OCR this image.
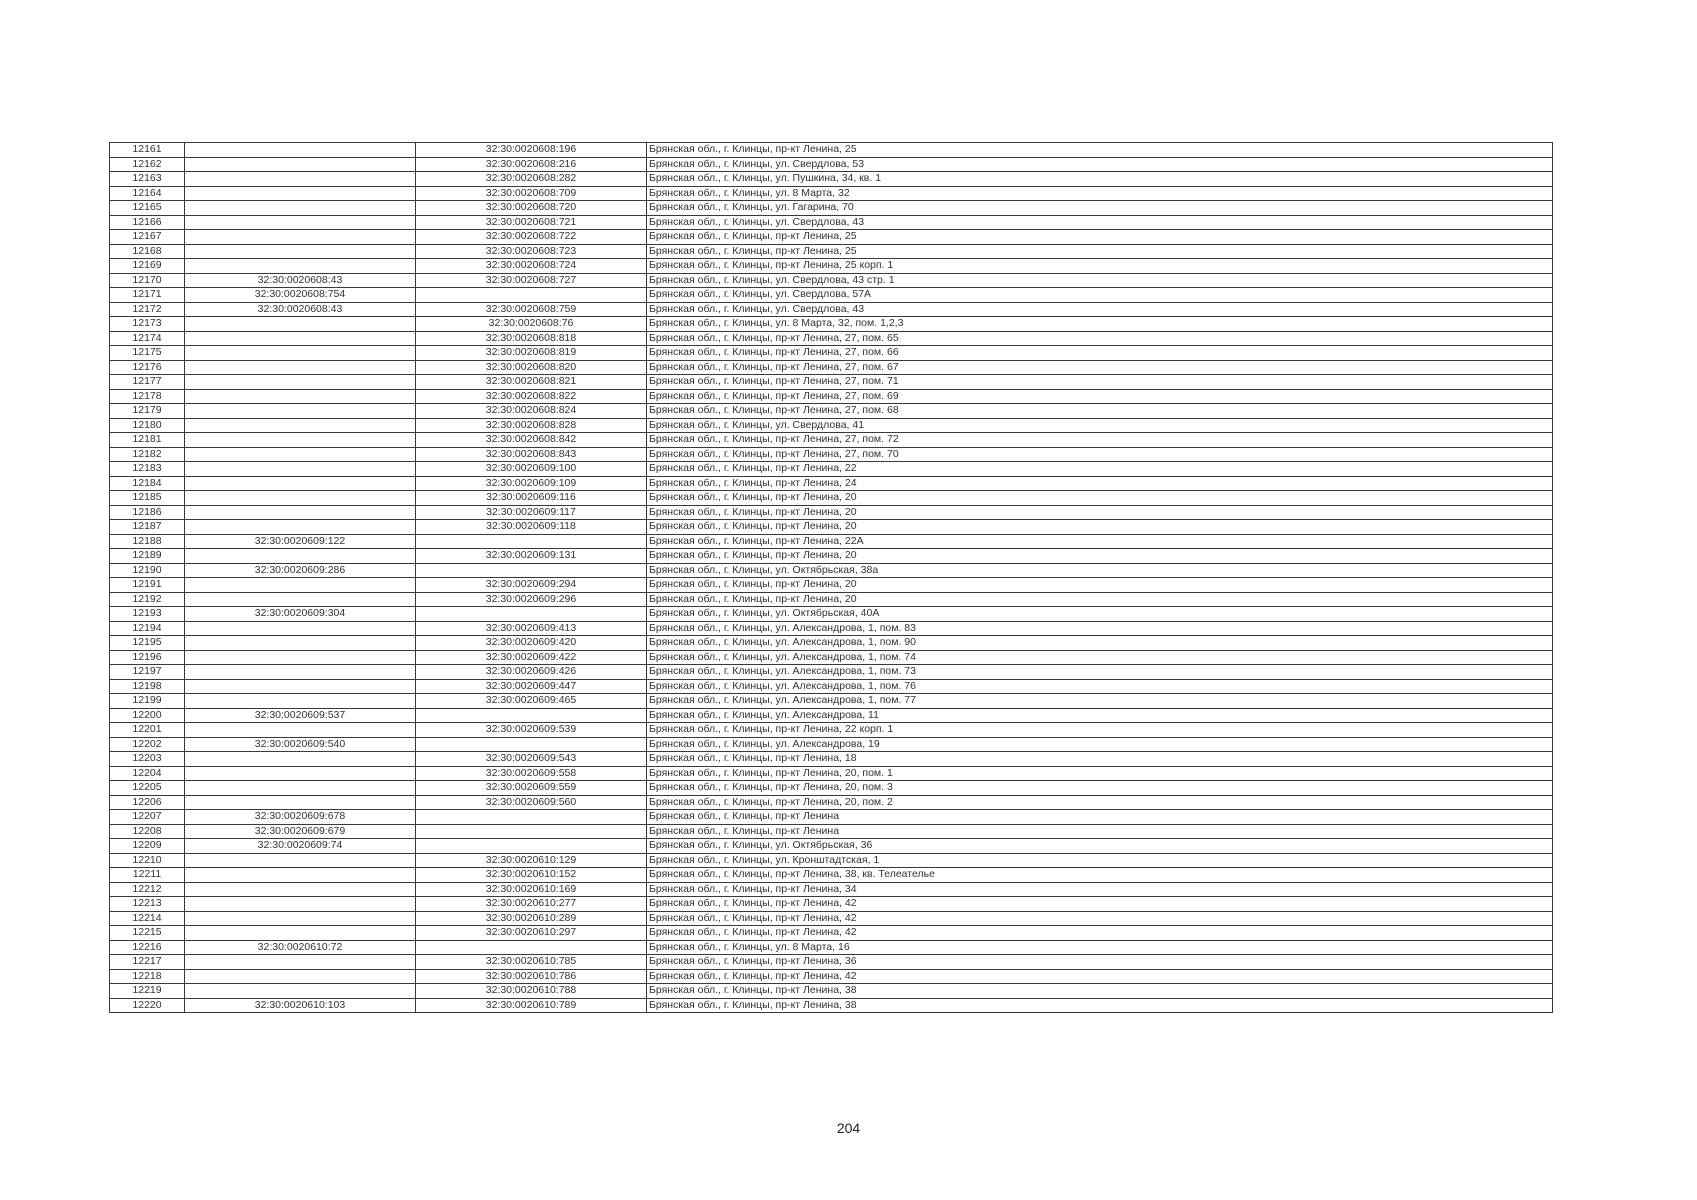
12161		32:30:0020608:196	Брянская обл., г. Клинцы, пр-кт Ленина, 25
12162		32:30:0020608:216	Брянская обл., г. Клинцы, ул. Свердлова, 53
12163		32:30:0020608:282	Брянская обл., г. Клинцы, ул. Пушкина, 34, кв. 1
12164		32:30:0020608:709	Брянская обл., г. Клинцы, ул. 8 Марта, 32
12165		32:30:0020608:720	Брянская обл., г. Клинцы, ул. Гагарина, 70
12166		32:30:0020608:721	Брянская обл., г. Клинцы, ул. Свердлова, 43
12167		32:30:0020608:722	Брянская обл., г. Клинцы, пр-кт Ленина, 25
12168		32:30:0020608:723	Брянская обл., г. Клинцы, пр-кт Ленина, 25
12169		32:30:0020608:724	Брянская обл., г. Клинцы, пр-кт Ленина, 25 корп. 1
12170	32:30:0020608:43	32:30:0020608:727	Брянская обл., г. Клинцы, ул. Свердлова, 43 стр. 1
12171	32:30:0020608:754		Брянская обл., г. Клинцы, ул. Свердлова, 57А
12172	32:30:0020608:43	32:30:0020608:759	Брянская обл., г. Клинцы, ул. Свердлова, 43
12173		32:30:0020608:76	Брянская обл., г. Клинцы, ул. 8 Марта, 32, пом. 1,2,3
12174		32:30:0020608:818	Брянская обл., г. Клинцы, пр-кт Ленина, 27, пом. 65
12175		32:30:0020608:819	Брянская обл., г. Клинцы, пр-кт Ленина, 27, пом. 66
12176		32:30:0020608:820	Брянская обл., г. Клинцы, пр-кт Ленина, 27, пом. 67
12177		32:30:0020608:821	Брянская обл., г. Клинцы, пр-кт Ленина, 27, пом. 71
12178		32:30:0020608:822	Брянская обл., г. Клинцы, пр-кт Ленина, 27, пом. 69
12179		32:30:0020608:824	Брянская обл., г. Клинцы, пр-кт Ленина, 27, пом. 68
12180		32:30:0020608:828	Брянская обл., г. Клинцы, ул. Свердлова, 41
12181		32:30:0020608:842	Брянская обл., г. Клинцы, пр-кт Ленина, 27, пом. 72
12182		32:30:0020608:843	Брянская обл., г. Клинцы, пр-кт Ленина, 27, пом. 70
12183		32:30:0020609:100	Брянская обл., г. Клинцы, пр-кт Ленина, 22
12184		32:30:0020609:109	Брянская обл., г. Клинцы, пр-кт Ленина, 24
12185		32:30:0020609:116	Брянская обл., г. Клинцы, пр-кт Ленина, 20
12186		32:30:0020609:117	Брянская обл., г. Клинцы, пр-кт Ленина, 20
12187		32:30:0020609:118	Брянская обл., г. Клинцы, пр-кт Ленина, 20
12188	32:30:0020609:122		Брянская обл., г. Клинцы, пр-кт Ленина, 22А
12189		32:30:0020609:131	Брянская обл., г. Клинцы, пр-кт Ленина, 20
12190	32:30:0020609:286		Брянская обл., г. Клинцы, ул. Октябрьская, 38а
12191		32:30:0020609:294	Брянская обл., г. Клинцы, пр-кт Ленина, 20
12192		32:30:0020609:296	Брянская обл., г. Клинцы, пр-кт Ленина, 20
12193	32:30:0020609:304		Брянская обл., г. Клинцы, ул. Октябрьская, 40А
12194		32:30:0020609:413	Брянская обл., г. Клинцы, ул. Александрова, 1, пом. 83
12195		32:30:0020609:420	Брянская обл., г. Клинцы, ул. Александрова, 1, пом. 90
12196		32:30:0020609:422	Брянская обл., г. Клинцы, ул. Александрова, 1, пом. 74
12197		32:30:0020609:426	Брянская обл., г. Клинцы, ул. Александрова, 1, пом. 73
12198		32:30:0020609:447	Брянская обл., г. Клинцы, ул. Александрова, 1, пом. 76
12199		32:30:0020609:465	Брянская обл., г. Клинцы, ул. Александрова, 1, пом. 77
12200	32:30:0020609:537		Брянская обл., г. Клинцы, ул. Александрова, 11
12201		32:30:0020609:539	Брянская обл., г. Клинцы, пр-кт Ленина, 22 корп. 1
12202	32:30:0020609:540		Брянская обл., г. Клинцы, ул. Александрова, 19
12203		32:30:0020609:543	Брянская обл., г. Клинцы, пр-кт Ленина, 18
12204		32:30:0020609:558	Брянская обл., г. Клинцы, пр-кт Ленина, 20, пом. 1
12205		32:30:0020609:559	Брянская обл., г. Клинцы, пр-кт Ленина, 20, пом. 3
12206		32:30:0020609:560	Брянская обл., г. Клинцы, пр-кт Ленина, 20, пом. 2
12207	32:30:0020609:678		Брянская обл., г. Клинцы, пр-кт Ленина
12208	32:30:0020609:679		Брянская обл., г. Клинцы, пр-кт Ленина
12209	32:30:0020609:74		Брянская обл., г. Клинцы, ул. Октябрьская, 36
12210		32:30:0020610:129	Брянская обл., г. Клинцы, ул. Кронштадтская, 1
12211		32:30:0020610:152	Брянская обл., г. Клинцы, пр-кт Ленина, 38, кв. Телеателье
12212		32:30:0020610:169	Брянская обл., г. Клинцы, пр-кт Ленина, 34
12213		32:30:0020610:277	Брянская обл., г. Клинцы, пр-кт Ленина, 42
12214		32:30:0020610:289	Брянская обл., г. Клинцы, пр-кт Ленина, 42
12215		32:30:0020610:297	Брянская обл., г. Клинцы, пр-кт Ленина, 42
12216	32:30:0020610:72		Брянская обл., г. Клинцы, ул. 8 Марта, 16
12217		32:30:0020610:785	Брянская обл., г. Клинцы, пр-кт Ленина, 36
12218		32:30:0020610:786	Брянская обл., г. Клинцы, пр-кт Ленина, 42
12219		32:30:0020610:788	Брянская обл., г. Клинцы, пр-кт Ленина, 38
12220	32:30:0020610:103	32:30:0020610:789	Брянская обл., г. Клинцы, пр-кт Ленина, 38
204
